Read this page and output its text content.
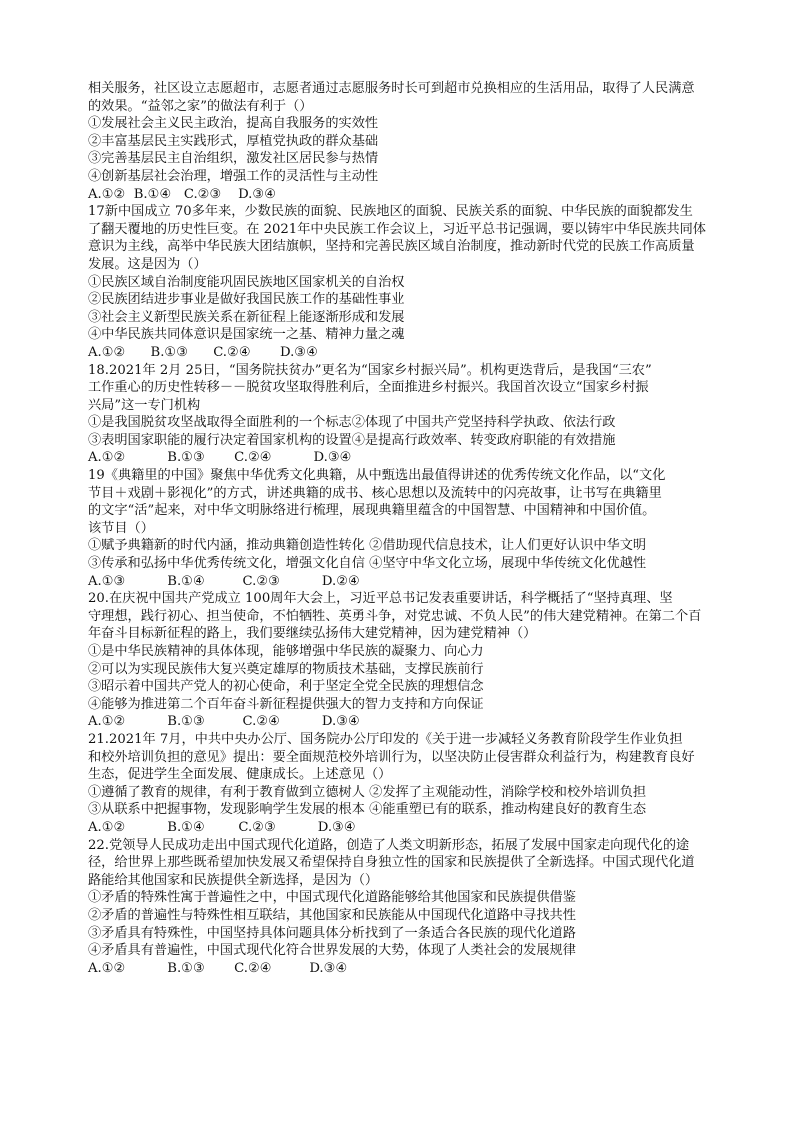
相关服务，社区设立志愿超市，志愿者通过志愿服务时长可到超市兑换相应的生活用品，取得了人民满意
的效果。“益邻之家”的做法有利于（）
①发展社会主义民主政治，提高自我服务的实效性
②丰富基层民主实践形式，厚植党执政的群众基础
③完善基层民主自治组织，激发社区居民参与热情
④创新基层社会治理，增强工作的灵活性与主动性
A.①②  B.①④   C.②③    D.③④
17新中国成立 70多年来，少数民族的面貌、民族地区的面貌、民族关系的面貌、中华民族的面貌都发生
了翻天覆地的历史性巨变。在 2021年中央民族工作会议上，习近平总书记强调，要以铸牢中华民族共同体
意识为主线，高举中华民族大团结旗帜，坚持和完善民族区域自治制度，推动新时代党的民族工作高质量
发展。这是因为（）
①民族区域自治制度能巩固民族地区国家机关的自治权
②民族团结进步事业是做好我国民族工作的基础性事业
③社会主义新型民族关系在新征程上能逐渐形成和发展
④中华民族共同体意识是国家统一之基、精神力量之魂
A.①②      B.①③      C.②④       D.③④
18.2021年 2月 25日，“国务院扶贫办”更名为“国家乡村振兴局”。机构更迭背后，是我国“三农”
工作重心的历史性转移－－脱贫攻坚取得胜利后，全面推进乡村振兴。我国首次设立“国家乡村振
兴局”这一专门机构
①是我国脱贫攻坚战取得全面胜利的一个标志②体现了中国共产党坚持科学执政、依法行政
③表明国家职能的履行决定着国家机构的设置④是提高行政效率、转变政府职能的有效措施
A.①②          B.①③       C.②④          D.③④
19《典籍里的中国》聚焦中华优秀文化典籍，从中甄选出最值得讲述的优秀传统文化作品，以“文化
节目＋戏剧＋影视化”的方式，讲述典籍的成书、核心思想以及流转中的闪亮故事，让书写在典籍里
的文字“活”起来，对中华文明脉络进行梳理，展现典籍里蕴含的中国智慧、中国精神和中国价值。
该节目（）
①赋予典籍新的时代内涵，推动典籍创造性转化 ②借助现代信息技术，让人们更好认识中华文明
③传承和弘扬中华优秀传统文化，增强文化自信 ④坚守中华文化立场，展现中华传统文化优越性
A.①③          B.①④         C.②③          D.②④
20.在庆祝中国共产党成立 100周年大会上，习近平总书记发表重要讲话，科学概括了“坚持真理、坚
守理想，践行初心、担当使命，不怕牺牲、英勇斗争，对党忠诚、不负人民”的伟大建党精神。在第二个百
年奋斗目标新征程的路上，我们要继续弘扬伟大建党精神，因为建党精神（）
①是中华民族精神的具体体现，能够增强中华民族的凝聚力、向心力
②可以为实现民族伟大复兴奠定雄厚的物质技术基础，支撑民族前行
③昭示着中国共产党人的初心使命，利于坚定全党全民族的理想信念
④能够为推进第二个百年奋斗新征程提供强大的智力支持和方向保证
A.①②          B.①③         C.②④          D.③④
21.2021年 7月，中共中央办公厅、国务院办公厅印发的《关于进一步减轻义务教育阶段学生作业负担
和校外培训负担的意见》提出：要全面规范校外培训行为，以坚决防止侵害群众利益行为，构建教育良好
生态，促进学生全面发展、健康成长。上述意见（）
①遵循了教育的规律，有利于教育做到立德树人 ②发挥了主观能动性，消除学校和校外培训负担
③从联系中把握事物，发现影响学生发展的根本 ④能重塑已有的联系，推动构建良好的教育生态
A.①②          B.①④        C.②③          D.③④
22.党领导人民成功走出中国式现代化道路，创造了人类文明新形态，拓展了发展中国家走向现代化的途
径，给世界上那些既希望加快发展又希望保持自身独立性的国家和民族提供了全新选择。中国式现代化道
路能给其他国家和民族提供全新选择，是因为（）
①矛盾的特殊性寓于普遍性之中，中国式现代化道路能够给其他国家和民族提供借鉴
②矛盾的普遍性与特殊性相互联结，其他国家和民族能从中国现代化道路中寻找共性
③矛盾具有特殊性，中国坚持具体问题具体分析找到了一条适合各民族的现代化道路
④矛盾具有普遍性，中国式现代化符合世界发展的大势，体现了人类社会的发展规律
A.①②          B.①③       C.②④         D.③④
